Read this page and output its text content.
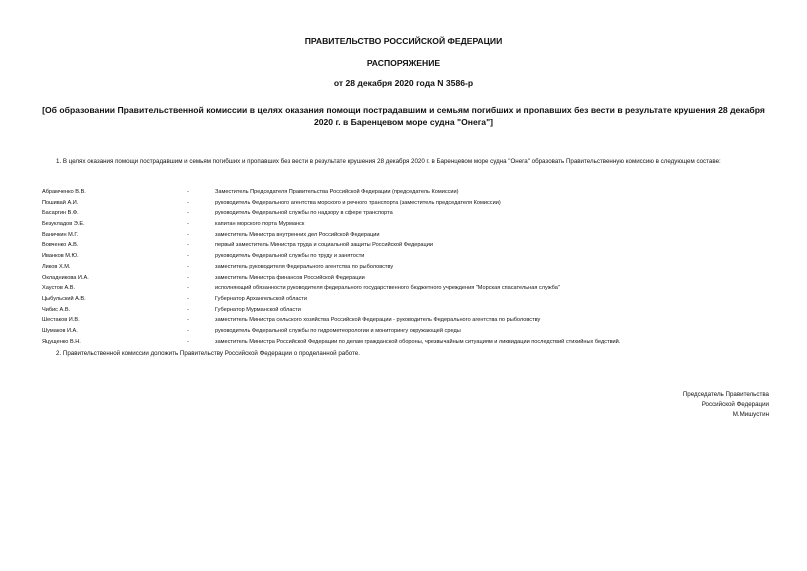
ПРАВИТЕЛЬСТВО РОССИЙСКОЙ ФЕДЕРАЦИИ
РАСПОРЯЖЕНИЕ
от 28 декабря 2020 года N 3586-р
[Об образовании Правительственной комиссии в целях оказания помощи пострадавшим и семьям погибших и пропавших без вести в результате крушения 28 декабря 2020 г. в Баренцевом море судна "Онега"]
1. В целях оказания помощи пострадавшим и семьям погибших и пропавших без вести в результате крушения 28 декабря 2020 г. в Баренцевом море судна "Онега" образовать Правительственную комиссию в следующем составе:
Абрамченко В.В.	-	Заместитель Председателя Правительства Российской Федерации (председатель Комиссии)
Пошивай А.И.	-	руководитель Федерального агентства морского и речного транспорта (заместитель председателя Комиссии)
Басаргин В.Ф.	-	руководитель Федеральной службы по надзору в сфере транспорта
Безукладов Э.Е.	-	капитан морского порта Мурманск
Ваничкин М.Г.	-	заместитель Министра внутренних дел Российской Федерации
Вовченко А.В.	-	первый заместитель Министра труда и социальной защиты Российской Федерации
Иванков М.Ю.	-	руководитель Федеральной службы по труду и занятости
Ликов Х.М.	-	заместитель руководителя Федерального агентства по рыболовству
Окладникова И.А.	-	заместитель Министра финансов Российской Федерации
Хаустов А.В.	-	исполняющий обязанности руководителя федерального государственного бюджетного учреждения "Морская спасательная служба"
Цыбульский А.В.	-	Губернатор Архангельской области
Чибис А.В.	-	Губернатор Мурманской области
Шестаков И.В.	-	заместитель Министра сельского хозяйства Российской Федерации - руководитель Федерального агентства по рыболовству
Шумаков И.А.	-	руководитель Федеральной службы по гидрометеорологии и мониторингу окружающей среды
Яцущенко В.Н.	-	заместитель Министра Российской Федерации по делам гражданской обороны, чрезвычайным ситуациям и ликвидации последствий стихийных бедствий.
2. Правительственной комиссии доложить Правительству Российской Федерации о проделанной работе.
Председатель Правительства
Российской Федерации
М.Мишустин
